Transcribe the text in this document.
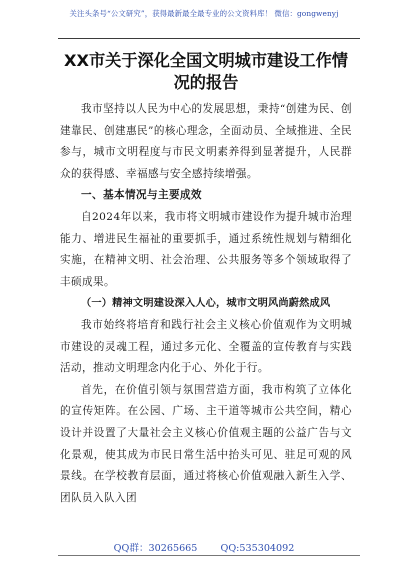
关注头条号“公文研究”，获得最新最全最专业的公文资料库！ 微信：gongwenyj
XX市关于深化全国文明城市建设工作情况的报告

我市坚持以人民为中心的发展思想，秉持“创建为民、创建靠民、创建惠民”的核心理念，全面动员、全域推进、全民参与，城市文明程度与市民文明素养得到显著提升，人民群众的获得感、幸福感与安全感持续增强。

一、基本情况与主要成效

自2024年以来，我市将文明城市建设作为提升城市治理能力、增进民生福祉的重要抓手，通过系统性规划与精细化实施，在精神文明、社会治理、公共服务等多个领域取得了丰硕成果。

（一）精神文明建设深入人心，城市文明风尚蔚然成风

我市始终将培育和践行社会主义核心价值观作为文明城市建设的灵魂工程，通过多元化、全覆盖的宣传教育与实践活动，推动文明理念内化于心、外化于行。

首先，在价值引领与氛围营造方面，我市构筑了立体化的宣传矩阵。在公园、广场、主干道等城市公共空间，精心设计并设置了大量社会主义核心价值观主题的公益广告与文化景观，使其成为市民日常生活中抬头可见、驻足可观的风景线。在学校教育层面，通过将核心价值观融入新生入学、团队员入队入团

QQ群：30265665 QQ:535304092
